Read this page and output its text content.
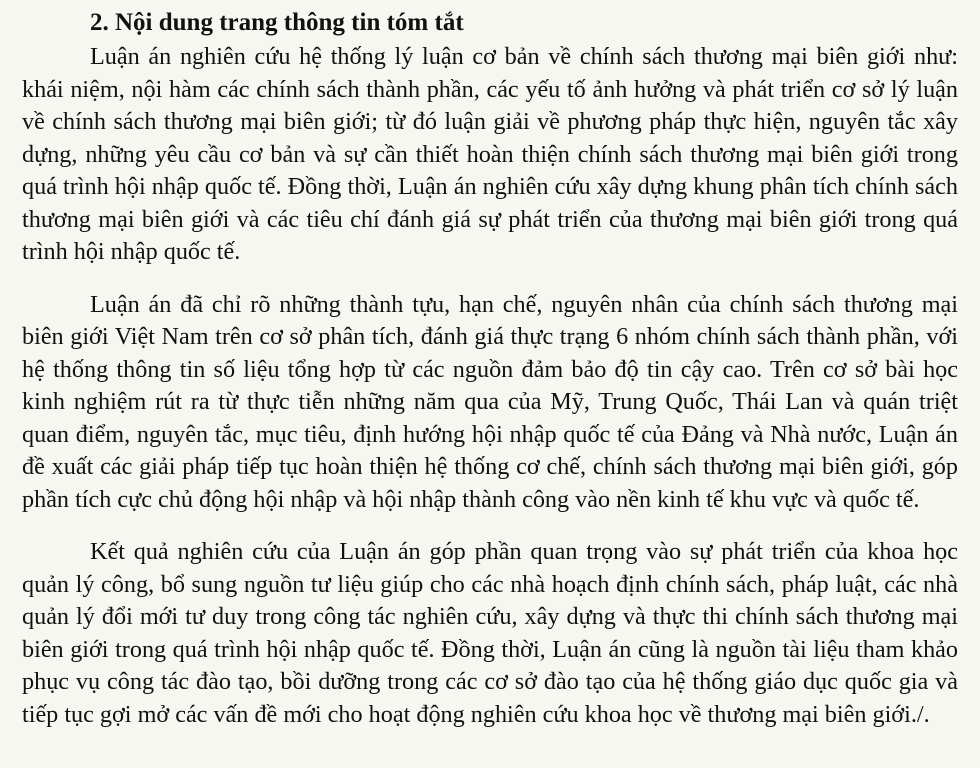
2. Nội dung trang thông tin tóm tắt

Luận án nghiên cứu hệ thống lý luận cơ bản về chính sách thương mại biên giới như: khái niệm, nội hàm các chính sách thành phần, các yếu tố ảnh hưởng và phát triển cơ sở lý luận về chính sách thương mại biên giới; từ đó luận giải về phương pháp thực hiện, nguyên tắc xây dựng, những yêu cầu cơ bản và sự cần thiết hoàn thiện chính sách thương mại biên giới trong quá trình hội nhập quốc tế. Đồng thời, Luận án nghiên cứu xây dựng khung phân tích chính sách thương mại biên giới và các tiêu chí đánh giá sự phát triển của thương mại biên giới trong quá trình hội nhập quốc tế.

Luận án đã chỉ rõ những thành tựu, hạn chế, nguyên nhân của chính sách thương mại biên giới Việt Nam trên cơ sở phân tích, đánh giá thực trạng 6 nhóm chính sách thành phần, với hệ thống thông tin số liệu tổng hợp từ các nguồn đảm bảo độ tin cậy cao. Trên cơ sở bài học kinh nghiệm rút ra từ thực tiễn những năm qua của Mỹ, Trung Quốc, Thái Lan và quán triệt quan điểm, nguyên tắc, mục tiêu, định hướng hội nhập quốc tế của Đảng và Nhà nước, Luận án đề xuất các giải pháp tiếp tục hoàn thiện hệ thống cơ chế, chính sách thương mại biên giới, góp phần tích cực chủ động hội nhập và hội nhập thành công vào nền kinh tế khu vực và quốc tế.

Kết quả nghiên cứu của Luận án góp phần quan trọng vào sự phát triển của khoa học quản lý công, bổ sung nguồn tư liệu giúp cho các nhà hoạch định chính sách, pháp luật, các nhà quản lý đổi mới tư duy trong công tác nghiên cứu, xây dựng và thực thi chính sách thương mại biên giới trong quá trình hội nhập quốc tế. Đồng thời, Luận án cũng là nguồn tài liệu tham khảo phục vụ công tác đào tạo, bồi dưỡng trong các cơ sở đào tạo của hệ thống giáo dục quốc gia và tiếp tục gợi mở các vấn đề mới cho hoạt động nghiên cứu khoa học về thương mại biên giới./.
